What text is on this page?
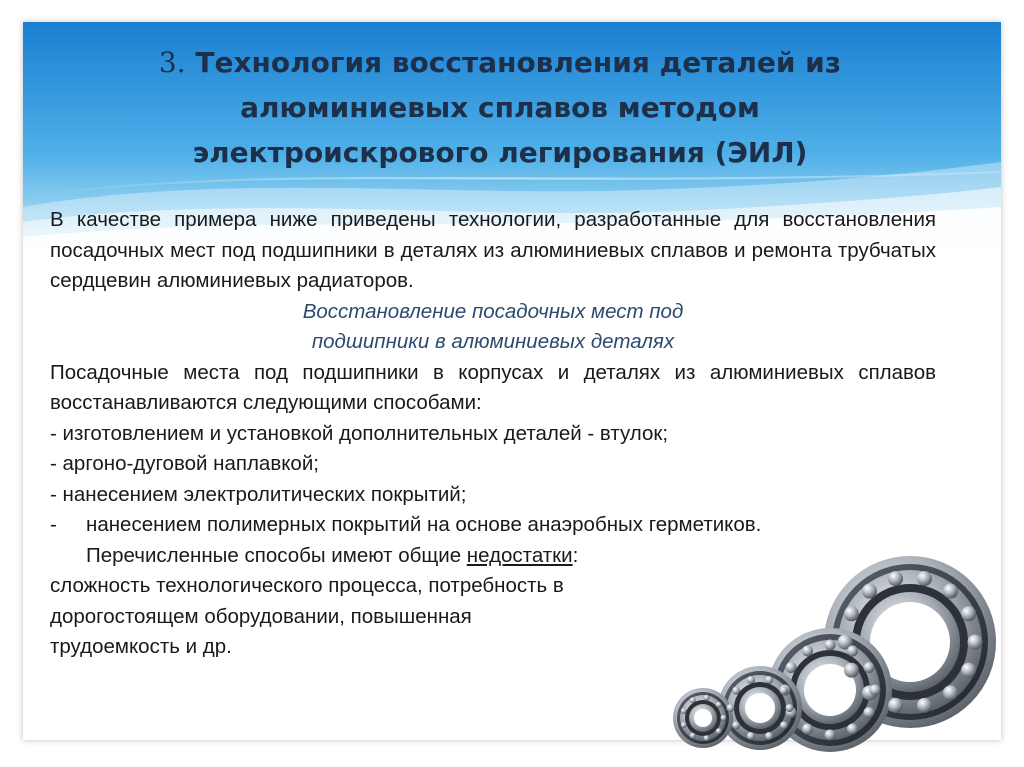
3. Технология восстановления деталей из алюминиевых сплавов методом электроискрового легирования (ЭИЛ)
В качестве примера ниже приведены технологии, разработанные для восстановления посадочных мест под подшипники в деталях из алюминиевых сплавов и ремонта трубчатых сердцевин алюминиевых радиаторов.
Восстановление посадочных мест под
подшипники в алюминиевых деталях
Посадочные места под подшипники в корпусах и деталях из алюминиевых сплавов восстанавливаются следующими способами:
- изготовлением и установкой дополнительных деталей - втулок;
- аргоно-дуговой наплавкой;
- нанесением электролитических покрытий;
- нанесением полимерных покрытий на основе анаэробных герметиков.
Перечисленные способы имеют общие недостатки:
сложность технологического процесса, потребность в
дорогостоящем оборудовании, повышенная
трудоемкость и др.
